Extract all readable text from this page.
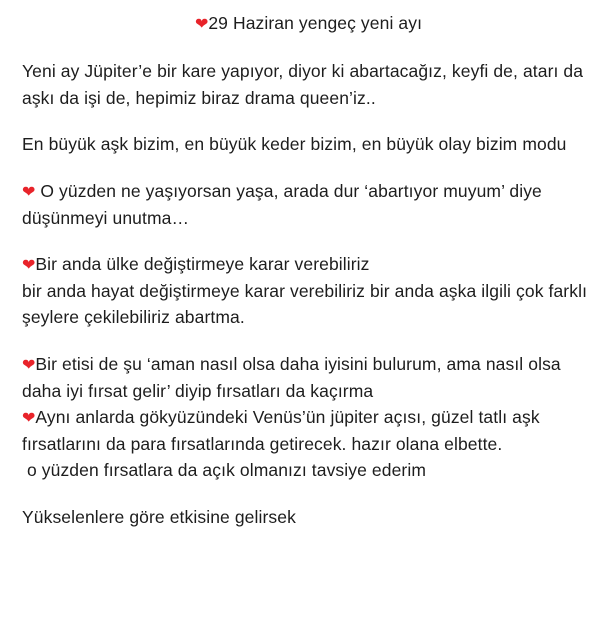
❤29 Haziran yengeç yeni ayı

Yeni ay Jüpiter’e bir kare yapıyor, diyor ki abartacağız, keyfi de, atarı da aşkı da işi de, hepimiz biraz drama queen’iz..

En büyük aşk bizim, en büyük keder bizim, en büyük olay bizim modu

❤ O yüzden ne yaşıyorsan yaşa, arada dur ‘abartıyor muyum’ diye düşünmeyi unutma…

❤Bir anda ülke değiştirmeye karar verebiliriz

bir anda hayat değiştirmeye karar verebiliriz bir anda aşka ilgili çok farklı şeylere çekilebiliriz abartma.

❤Bir etisi de şu ‘aman nasıl olsa daha iyisini bulurum, ama nasıl olsa daha iyi fırsat gelir’ diyip fırsatları da kaçırma

❤Aynı anlarda gökyüzündeki Venüs’ün jüpiter açısı, güzel tatlı aşk fırsatlarını da para fırsatlarında getirecek. hazır olana elbette.

o yüzden fırsatlara da açık olmanızı tavsiye ederim

Yükselenlere göre etkisine gelirsek
